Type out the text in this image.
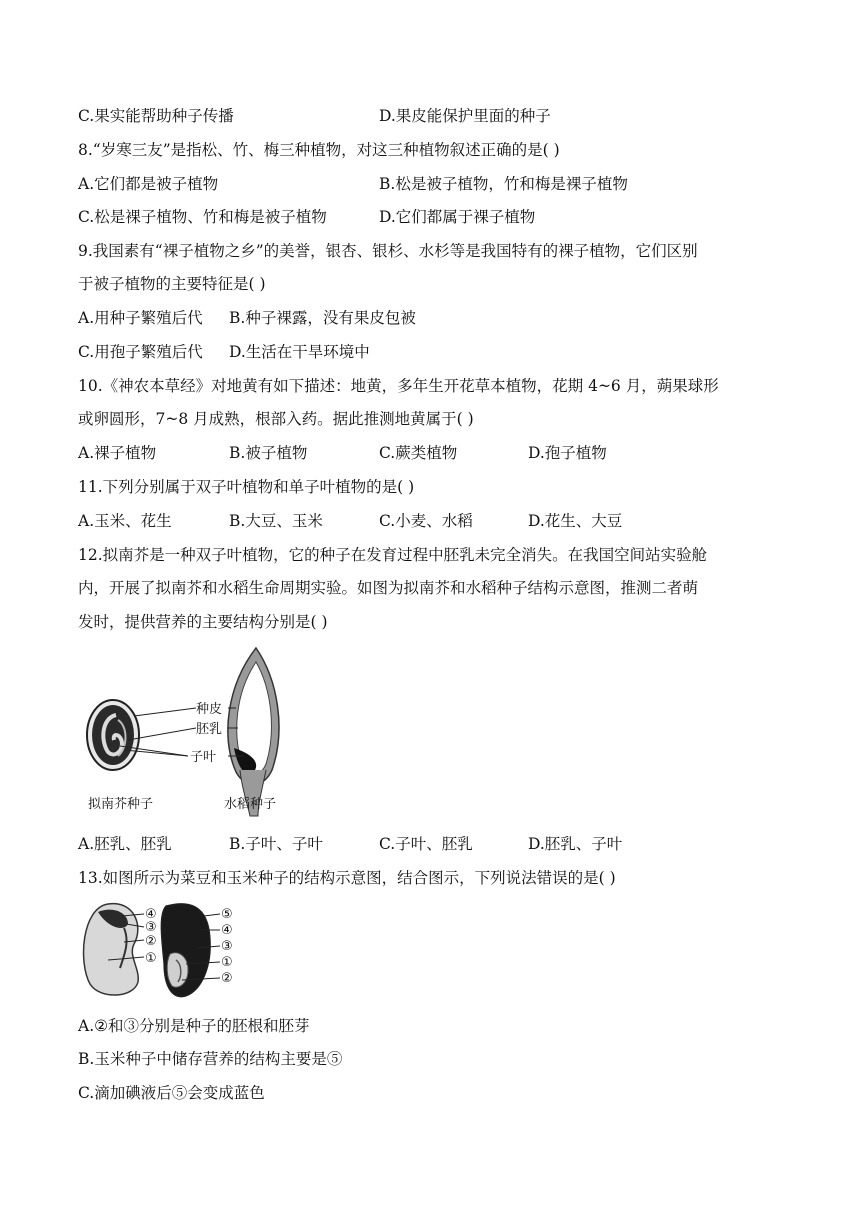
C.果实能帮助种子传播	D.果皮能保护里面的种子
8.“岁寒三友”是指松、竹、梅三种植物，对这三种植物叙述正确的是( )
A.它们都是被子植物	B.松是被子植物，竹和梅是裸子植物
C.松是裸子植物、竹和梅是被子植物	D.它们都属于裸子植物
9.我国素有“裸子植物之乡”的美誉，银杏、银杉、水杉等是我国特有的裸子植物，它们区别
于被子植物的主要特征是( )
A.用种子繁殖后代 B.种子裸露，没有果皮包被
C.用孢子繁殖后代 D.生活在干旱环境中
10.《神农本草经》对地黄有如下描述：地黄，多年生开花草本植物，花期 4~6 月，蒴果球形
或卵圆形，7~8 月成熟，根部入药。据此推测地黄属于( )
A.裸子植物	B.被子植物	C.蕨类植物	D.孢子植物
11.下列分别属于双子叶植物和单子叶植物的是( )
A.玉米、花生	B.大豆、玉米	C.小麦、水稻	D.花生、大豆
12.拟南芥是一种双子叶植物，它的种子在发育过程中胚乳未完全消失。在我国空间站实验舱
内，开展了拟南芥和水稻生命周期实验。如图为拟南芥和水稻种子结构示意图，推测二者萌
发时，提供营养的主要结构分别是( )
种皮
胚乳
子叶
拟南芥种子	水稻种子
A.胚乳、胚乳	B.子叶、子叶	C.子叶、胚乳	D.胚乳、子叶
13.如图所示为菜豆和玉米种子的结构示意图，结合图示，下列说法错误的是( )
④
③
②
①
⑤
④
③
①
②
A.②和③分别是种子的胚根和胚芽
B.玉米种子中储存营养的结构主要是⑤
C.滴加碘液后⑤会变成蓝色
